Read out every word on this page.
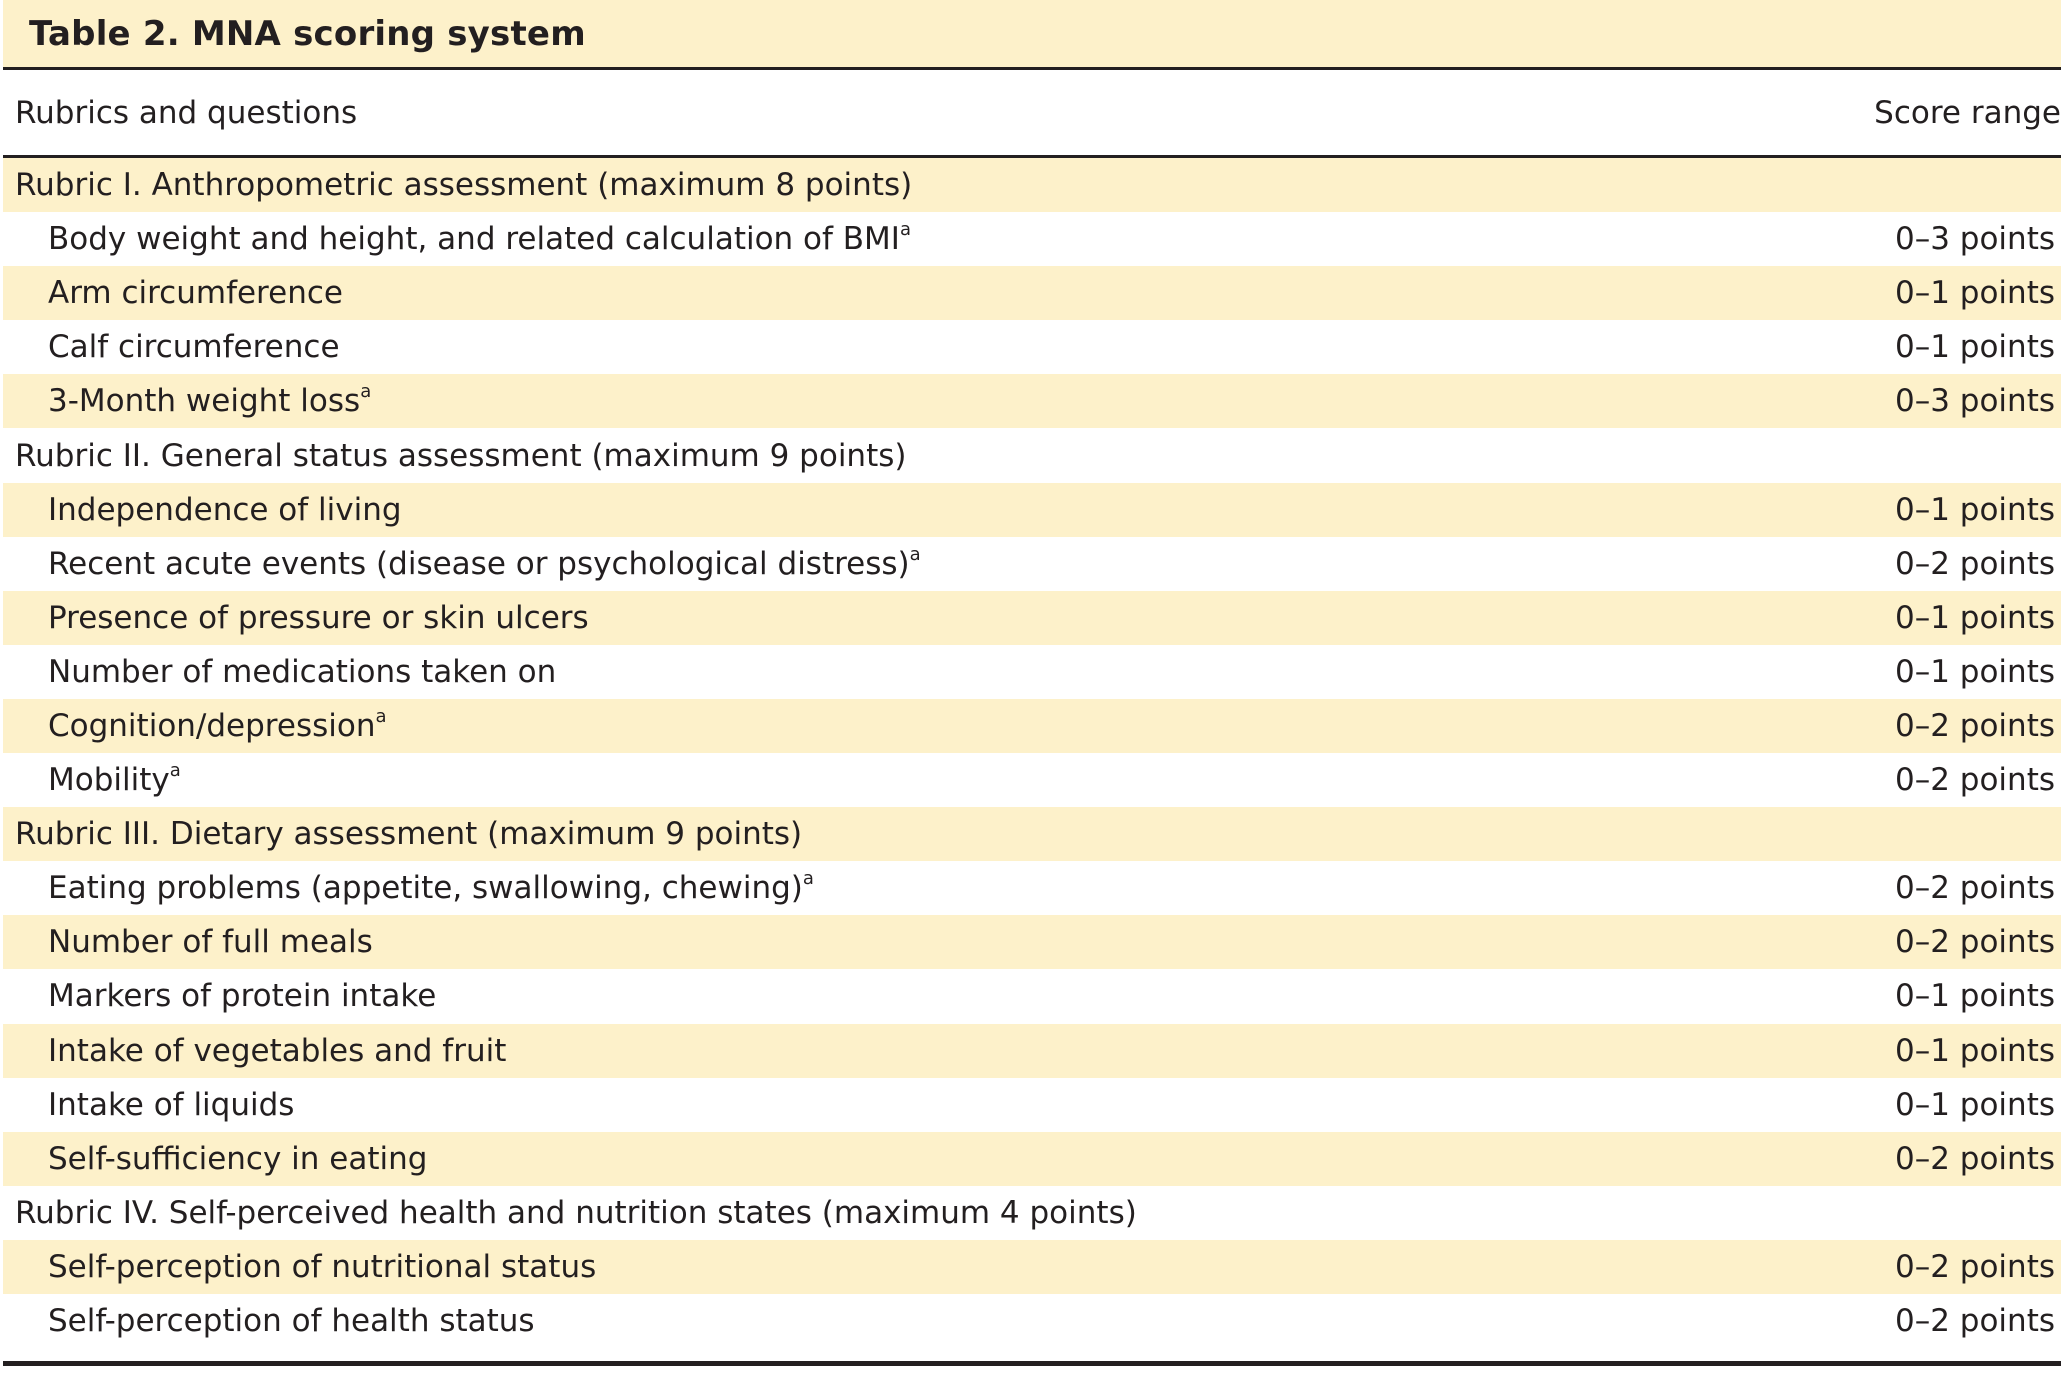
Table 2. MNA scoring system
Rubrics and questions	Score range
Rubric I. Anthropometric assessment (maximum 8 points)
Body weight and height, and related calculation of BMI$^a$	0–3 points
Arm circumference	0–1 points
Calf circumference	0–1 points
3-Month weight loss$^a$	0–3 points
Rubric II. General status assessment (maximum 9 points)
Independence of living	0–1 points
Recent acute events (disease or psychological distress)$^a$	0–2 points
Presence of pressure or skin ulcers	0–1 points
Number of medications taken on	0–1 points
Cognition/depression$^a$	0–2 points
Mobility$^a$	0–2 points
Rubric III. Dietary assessment (maximum 9 points)
Eating problems (appetite, swallowing, chewing)$^a$	0–2 points
Number of full meals	0–2 points
Markers of protein intake	0–1 points
Intake of vegetables and fruit	0–1 points
Intake of liquids	0–1 points
Self-sufficiency in eating	0–2 points
Rubric IV. Self-perceived health and nutrition states (maximum 4 points)
Self-perception of nutritional status	0–2 points
Self-perception of health status	0–2 points
